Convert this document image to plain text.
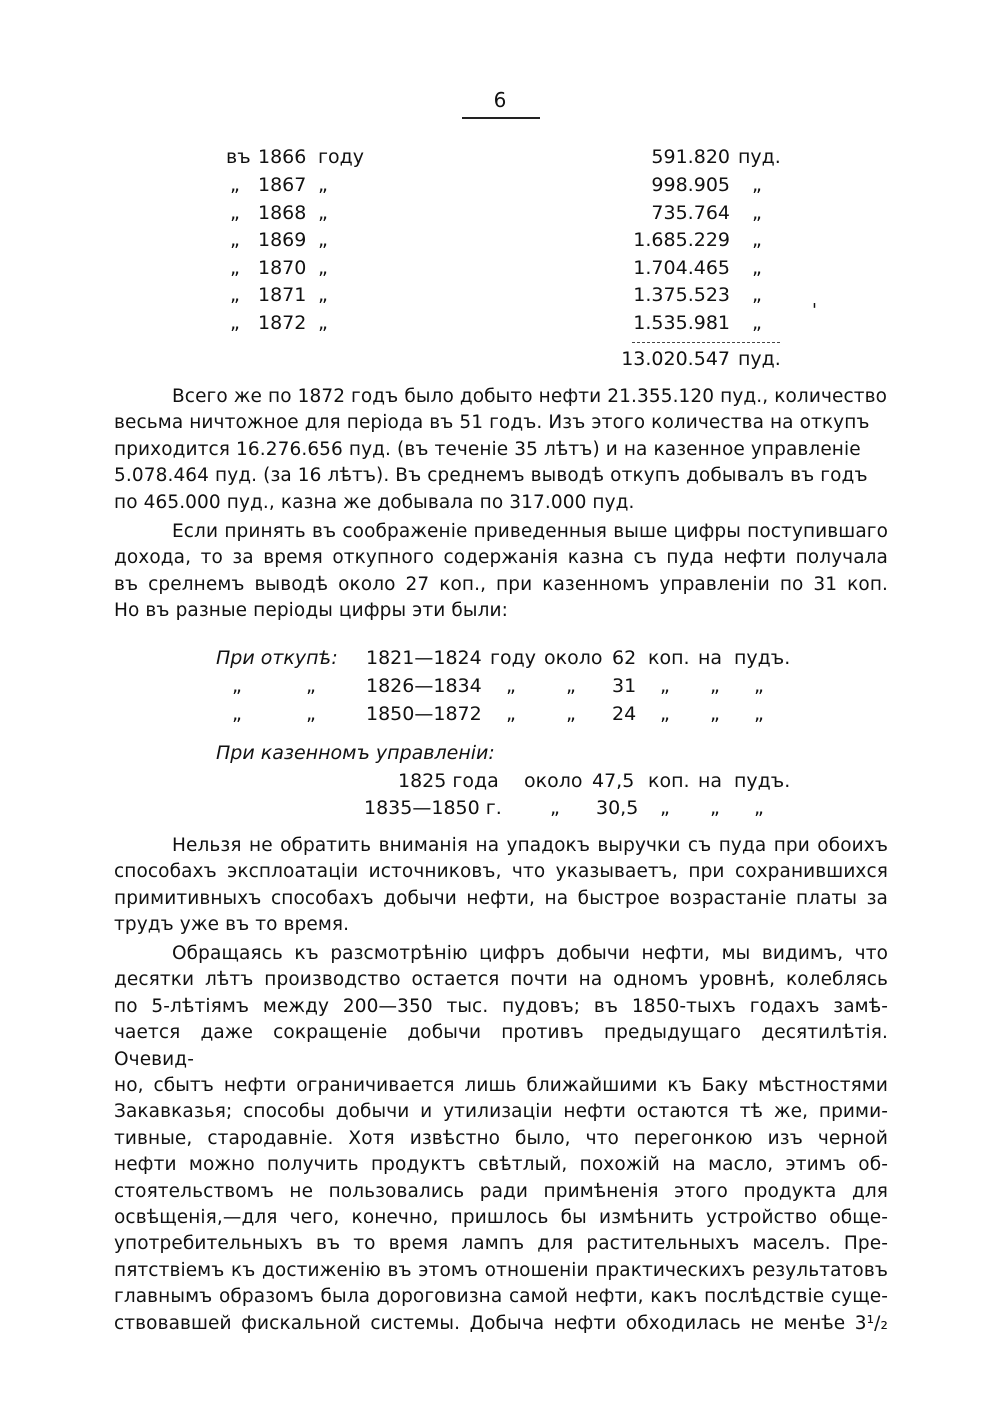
6
въ 1866 году	591.820 пуд.
„ 1867 „	998.905 „
„ 1868 „	735.764 „
„ 1869 „	1.685.229 „
„ 1870 „	1.704.465 „
„ 1871 „	1.375.523 „
„ 1872 „	1.535.981 „
'
13.020.547 пуд.
Всего же по 1872 годъ было добыто нефти 21.355.120 пуд., количество
весьма ничтожное для періода въ 51 годъ. Изъ этого количества на откупъ
приходится 16.276.656 пуд. (въ теченіе 35 лѣтъ) и на казенное управленіе
5.078.464 пуд. (за 16 лѣтъ). Въ среднемъ выводѣ откупъ добывалъ въ годъ
по 465.000 пуд., казна же добывала по 317.000 пуд.
Если принять въ соображеніе приведенныя выше цифры поступившаго
дохода, то за время откупного содержанія казна съ пуда нефти получала
въ срелнемъ выводѣ около 27 коп., при казенномъ управленіи по 31 коп.
Но въ разные періоды цифры эти были:
При откупѣ: 1821—1824 году около 62 коп. на пудъ.
„	„	1826—1834 „	„ 31 „ „ „
„	„	1850—1872 „	„ 24 „ „ „
При казенномъ управленіи:
1825 года около 47,5 коп. на пудъ.
1835—1850 г.	„ 30,5 „ „ „
Нельзя не обратить вниманія на упадокъ выручки съ пуда при обоихъ
способахъ эксплоатаціи источниковъ, что указываетъ, при сохранившихся
примитивныхъ способахъ добычи нефти, на быстрое возрастаніе платы за
трудъ уже въ то время.
Обращаясь къ разсмотрѣнію цифръ добычи нефти, мы видимъ, что
десятки лѣтъ производство остается почти на одномъ уровнѣ, колеблясь
по 5-лѣтіямъ между 200—350 тыс. пудовъ; въ 1850-тыхъ годахъ замѣ-
чается даже сокращеніе добычи противъ предыдущаго десятилѣтія. Очевид-
но, сбытъ нефти ограничивается лишь ближайшими къ Баку мѣстностями
Закавказья; способы добычи и утилизаціи нефти остаются тѣ же, прими-
тивные, стародавніе. Хотя извѣстно было, что перегонкою изъ черной
нефти можно получить продуктъ свѣтлый, похожій на масло, этимъ об-
стоятельствомъ не пользовались ради примѣненія этого продукта для
освѣщенія,—для чего, конечно, пришлось бы измѣнить устройство обще-
употребительныхъ въ то время лампъ для растительныхъ маселъ. Пре-
пятствіемъ къ достиженію въ этомъ отношеніи практическихъ результатовъ
главнымъ образомъ была дороговизна самой нефти, какъ послѣдствіе суще-
ствовавшей фискальной системы. Добыча нефти обходилась не менѣе 3¹/₂
